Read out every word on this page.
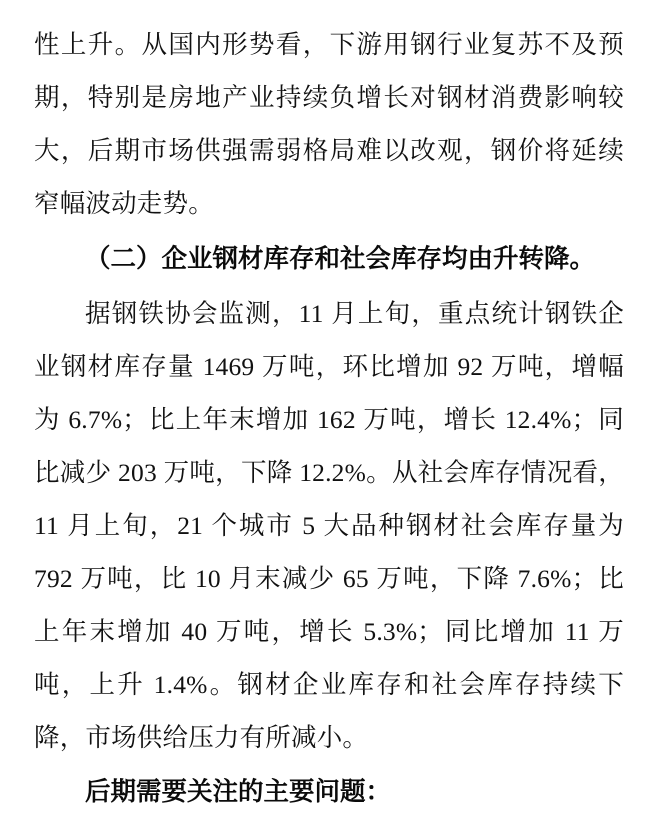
性上升。从国内形势看，下游用钢行业复苏不及预期，特别是房地产业持续负增长对钢材消费影响较大，后期市场供强需弱格局难以改观，钢价将延续窄幅波动走势。

（二）企业钢材库存和社会库存均由升转降。

据钢铁协会监测，11 月上旬，重点统计钢铁企业钢材库存量 1469 万吨，环比增加 92 万吨，增幅为 6.7%；比上年末增加 162 万吨，增长 12.4%；同比减少 203 万吨，下降 12.2%。从社会库存情况看，11 月上旬，21 个城市 5 大品种钢材社会库存量为 792 万吨，比 10 月末减少 65 万吨，下降 7.6%；比上年末增加 40 万吨，增长 5.3%；同比增加 11 万吨，上升 1.4%。钢材企业库存和社会库存持续下降，市场供给压力有所减小。

后期需要关注的主要问题：
